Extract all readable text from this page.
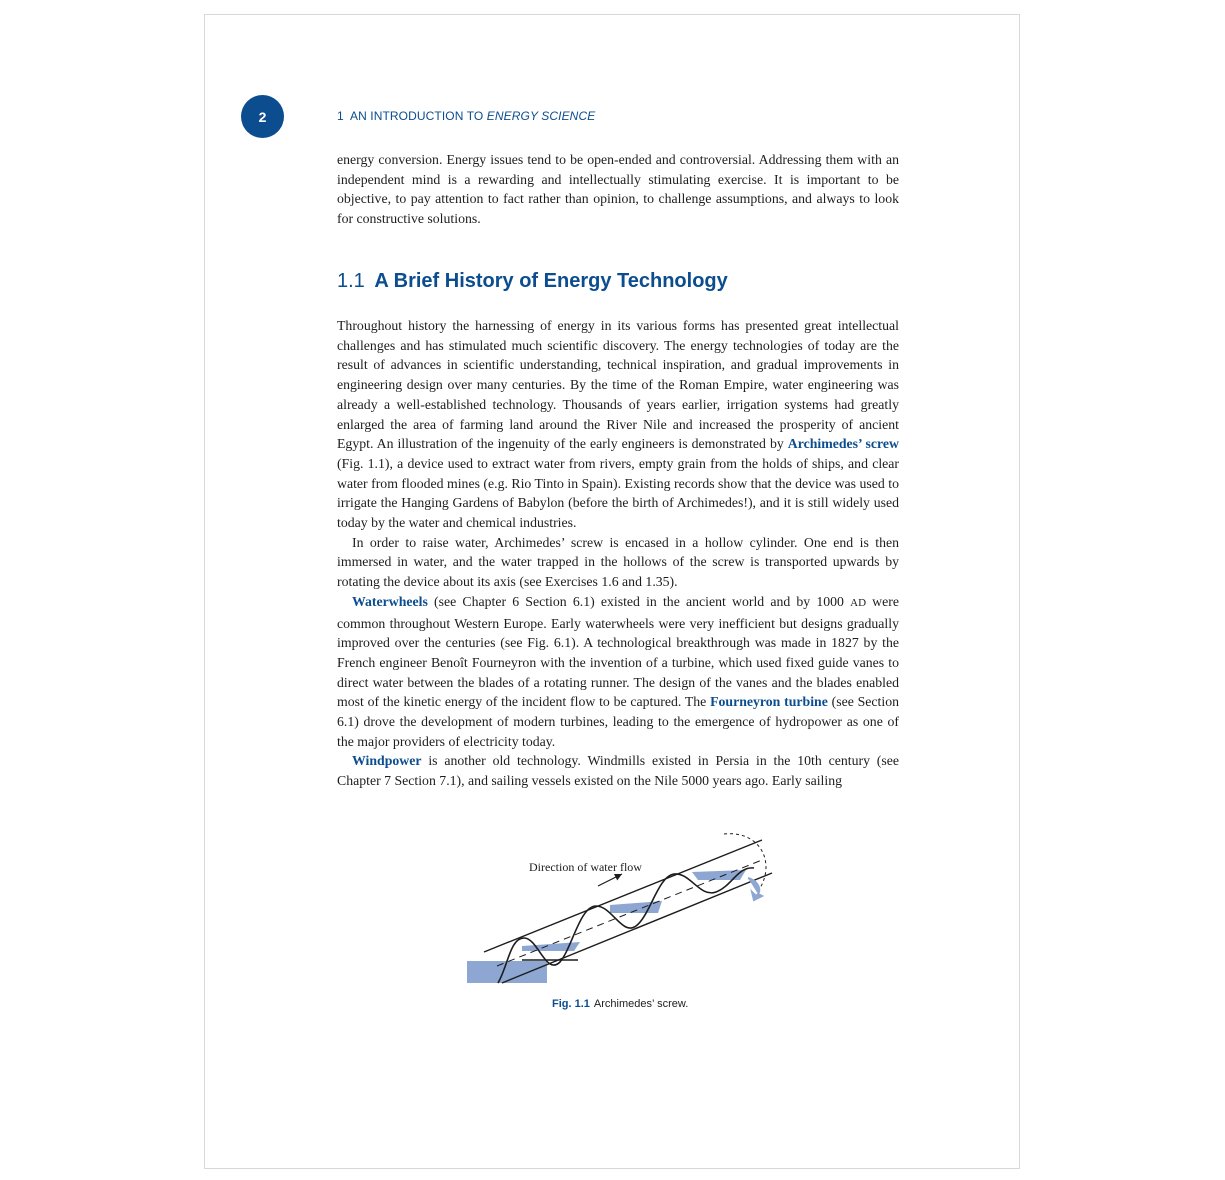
2	1  AN INTRODUCTION TO ENERGY SCIENCE

energy conversion. Energy issues tend to be open-ended and controversial. Addressing them with an independent mind is a rewarding and intellectually stimulating exercise. It is important to be objective, to pay attention to fact rather than opinion, to challenge assumptions, and always to look for constructive solutions.

1.1 A Brief History of Energy Technology

Throughout history the harnessing of energy in its various forms has presented great intellectual challenges and has stimulated much scientific discovery. The energy technologies of today are the result of advances in scientific understanding, technical inspiration, and gradual improvements in engineering design over many centuries. By the time of the Roman Empire, water engineering was already a well-established technology. Thousands of years earlier, irrigation systems had greatly enlarged the area of farming land around the River Nile and increased the prosperity of ancient Egypt. An illustration of the ingenuity of the early engineers is demonstrated by Archimedes’ screw (Fig. 1.1), a device used to extract water from rivers, empty grain from the holds of ships, and clear water from flooded mines (e.g. Rio Tinto in Spain). Existing records show that the device was used to irrigate the Hanging Gardens of Babylon (before the birth of Archimedes!), and it is still widely used today by the water and chemical industries.

In order to raise water, Archimedes’ screw is encased in a hollow cylinder. One end is then immersed in water, and the water trapped in the hollows of the screw is transported upwards by rotating the device about its axis (see Exercises 1.6 and 1.35).

Waterwheels (see Chapter 6 Section 6.1) existed in the ancient world and by 1000 AD were common throughout Western Europe. Early waterwheels were very inefficient but designs gradually improved over the centuries (see Fig. 6.1). A technological breakthrough was made in 1827 by the French engineer Benoît Fourneyron with the invention of a turbine, which used fixed guide vanes to direct water between the blades of a rotating runner. The design of the vanes and the blades enabled most of the kinetic energy of the incident flow to be captured. The Fourneyron turbine (see Section 6.1) drove the development of modern turbines, leading to the emergence of hydropower as one of the major providers of electricity today.

Windpower is another old technology. Windmills existed in Persia in the 10th century (see Chapter 7 Section 7.1), and sailing vessels existed on the Nile 5000 years ago. Early sailing

Direction of water flow
Fig. 1.1 Archimedes’ screw.
